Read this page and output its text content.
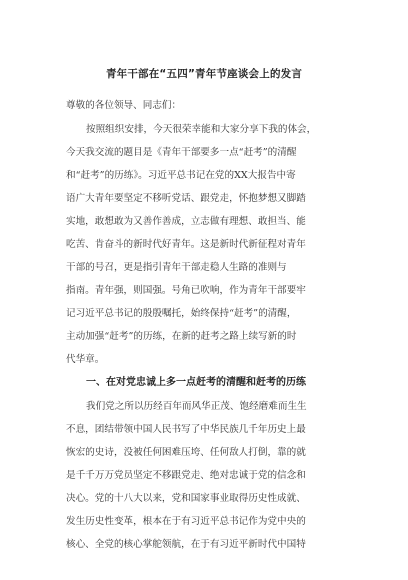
青年干部在“五四”青年节座谈会上的发言
尊敬的各位领导、同志们：
按照组织安排，今天很荣幸能和大家分享下我的体会，
今天我交流的题目是《青年干部要多一点“赶考”的清醒
和“赶考”的历练》。习近平总书记在党的XX大报告中寄
语广大青年要坚定不移听党话、跟党走，怀抱梦想又脚踏
实地，敢想敢为又善作善成，立志做有理想、敢担当、能
吃苦、肯奋斗的新时代好青年。这是新时代新征程对青年
干部的号召，更是指引青年干部走稳人生路的准则与
指南。青年强，则国强。号角已吹响，作为青年干部要牢
记习近平总书记的殷殷嘱托，始终保持“赶考”的清醒，
主动加强“赶考”的历练，在新的赶考之路上续写新的时
代华章。
一、在对党忠诚上多一点赶考的清醒和赶考的历练
我们党之所以历经百年而风华正茂、饱经磨难而生生
不息，团结带领中国人民书写了中华民族几千年历史上最
恢宏的史诗，没被任何困难压垮、任何敌人打倒，靠的就
是千千万万党员坚定不移跟党走、绝对忠诚于党的信念和
决心。党的十八大以来，党和国家事业取得历史性成就、
发生历史性变革，根本在于有习近平总书记作为党中央的
核心、全党的核心掌舵领航，在于有习近平新时代中国特
